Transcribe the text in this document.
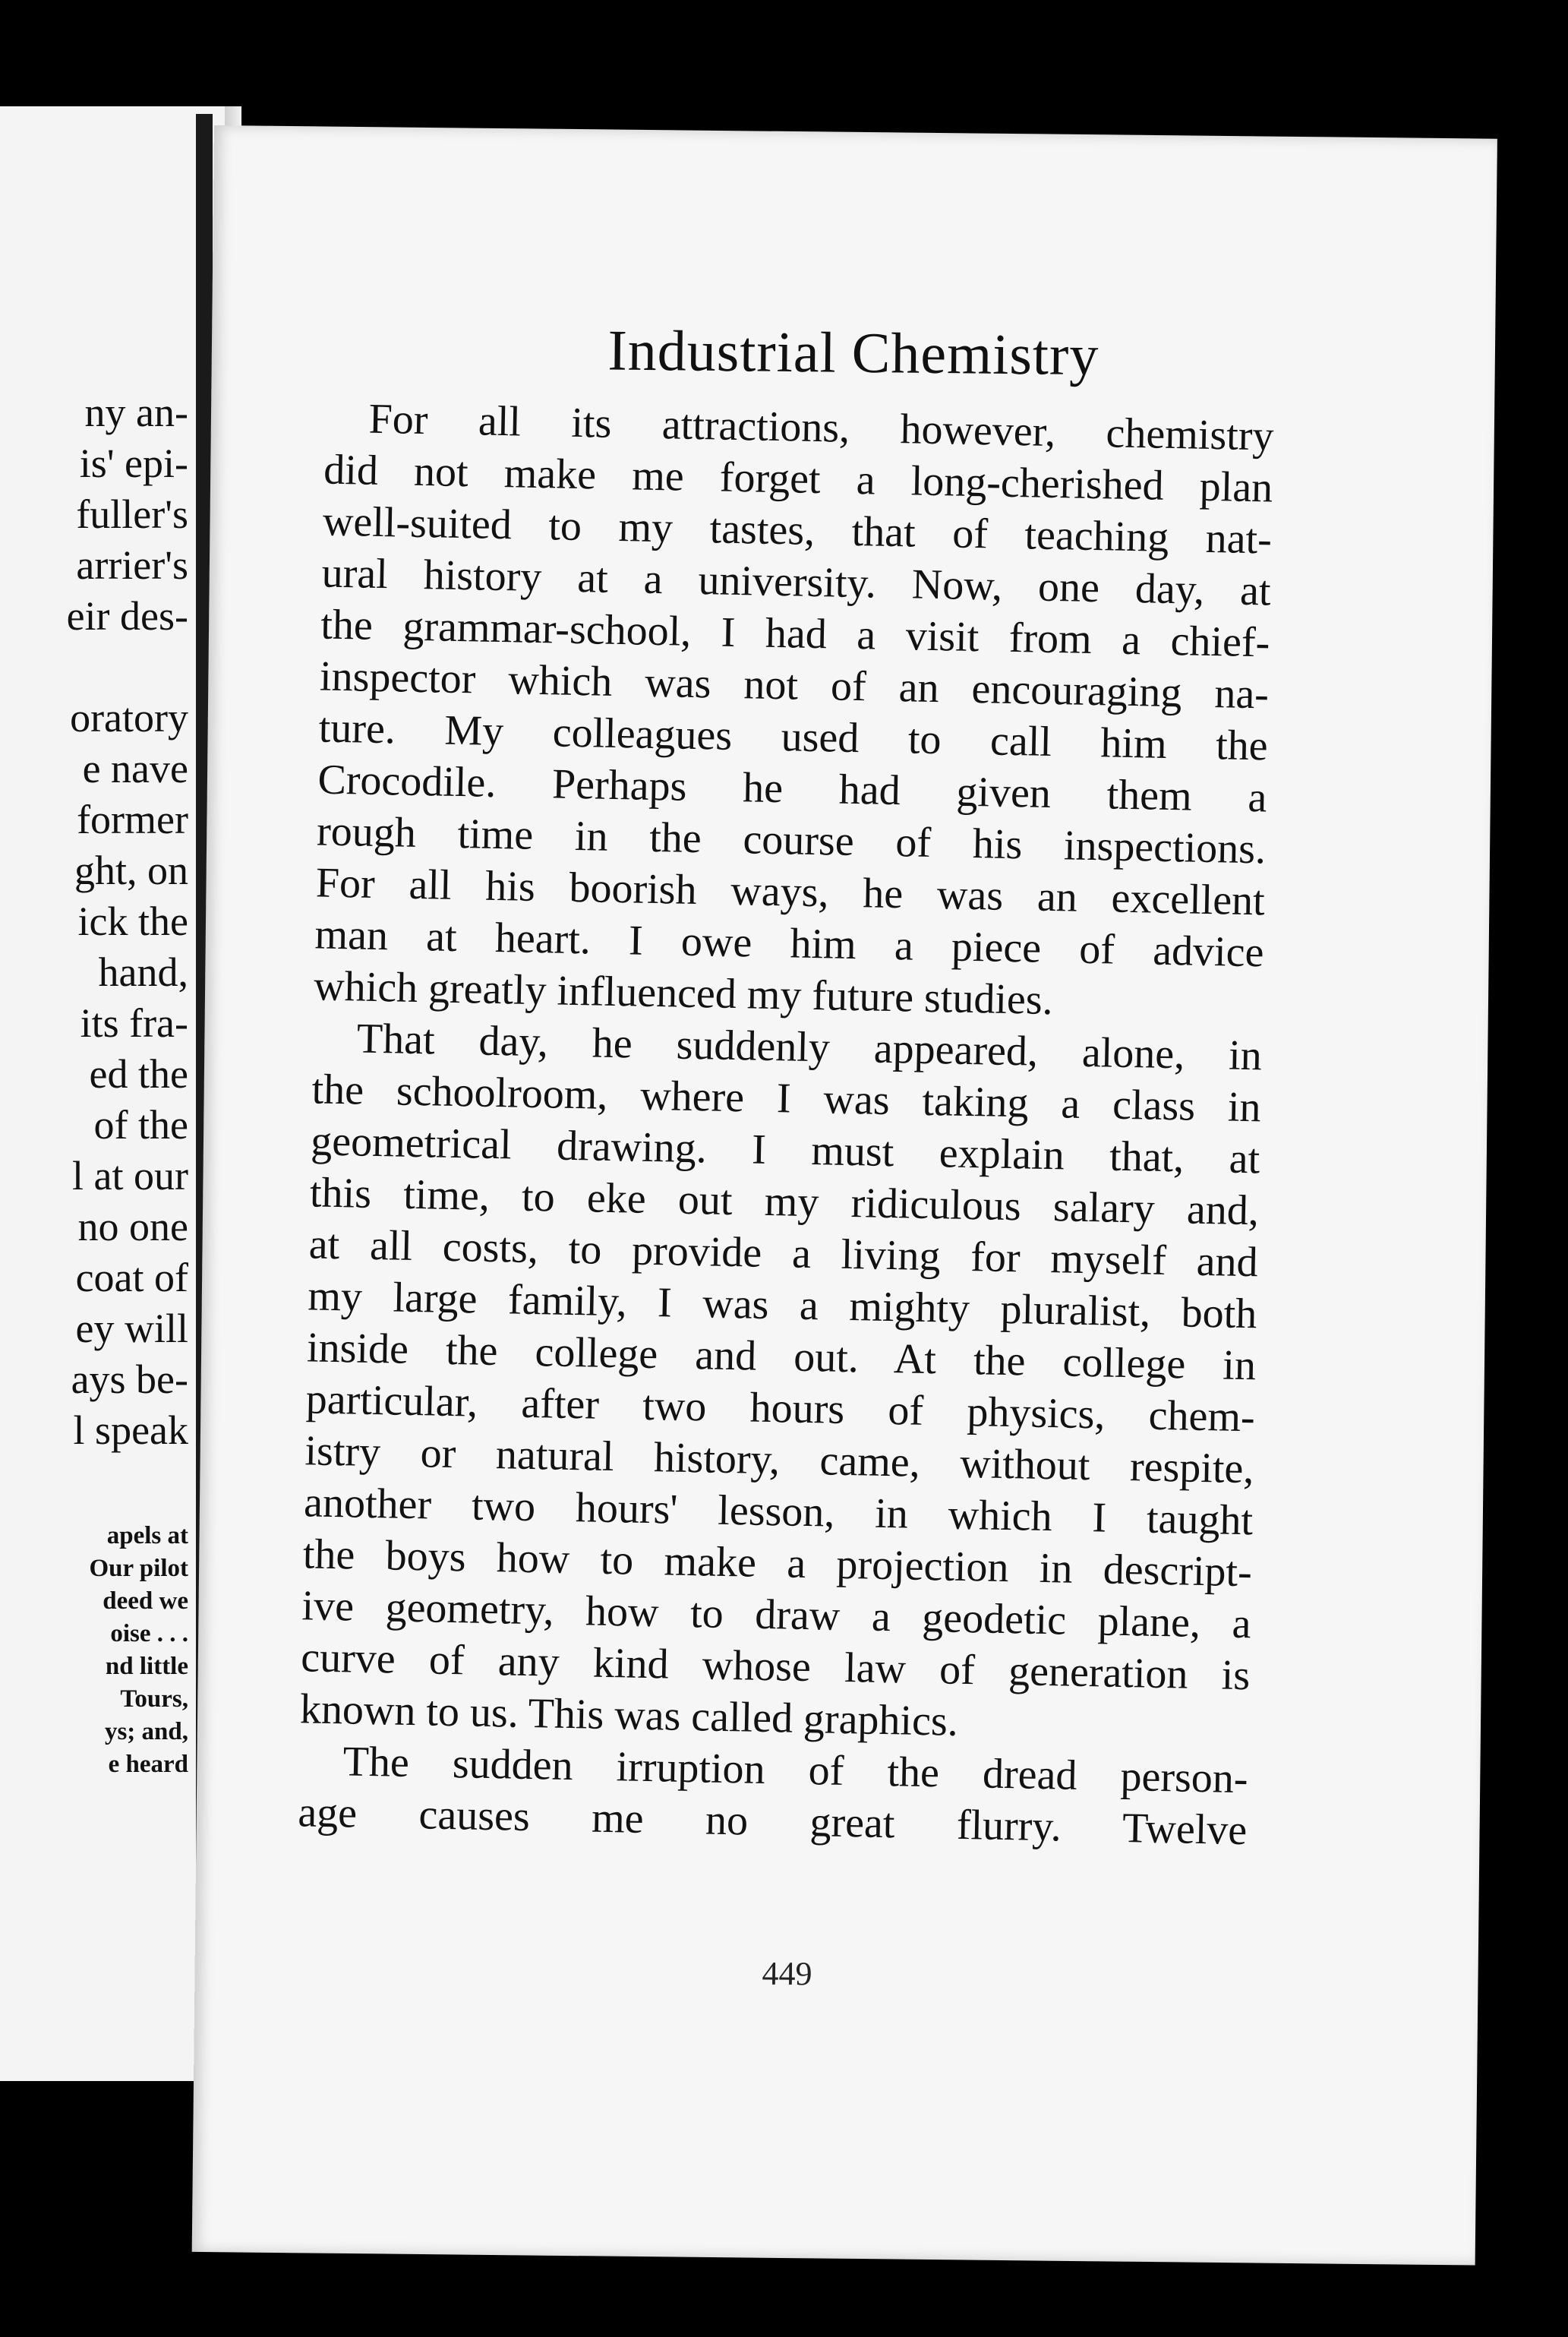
ny an-
is' epi-
fuller's
arrier's
eir des-
oratory
e nave
former
ght, on
ick the
hand,
its fra-
ed the
of the
l at our
no one
coat of
ey will
ays be-
l speak
apels at
Our pilot
deed we
oise . . .
nd little
Tours,
ys; and,
e heard
Industrial Chemistry
For all its attractions, however, chemistry
did not make me forget a long-cherished plan
well-suited to my tastes, that of teaching nat-
ural history at a university. Now, one day, at
the grammar-school, I had a visit from a chief-
inspector which was not of an encouraging na-
ture. My colleagues used to call him the
Crocodile. Perhaps he had given them a
rough time in the course of his inspections.
For all his boorish ways, he was an excellent
man at heart. I owe him a piece of advice
which greatly influenced my future studies.
That day, he suddenly appeared, alone, in
the schoolroom, where I was taking a class in
geometrical drawing. I must explain that, at
this time, to eke out my ridiculous salary and,
at all costs, to provide a living for myself and
my large family, I was a mighty pluralist, both
inside the college and out. At the college in
particular, after two hours of physics, chem-
istry or natural history, came, without respite,
another two hours' lesson, in which I taught
the boys how to make a projection in descript-
ive geometry, how to draw a geodetic plane, a
curve of any kind whose law of generation is
known to us. This was called graphics.
The sudden irruption of the dread person-
age causes me no great flurry. Twelve
449
